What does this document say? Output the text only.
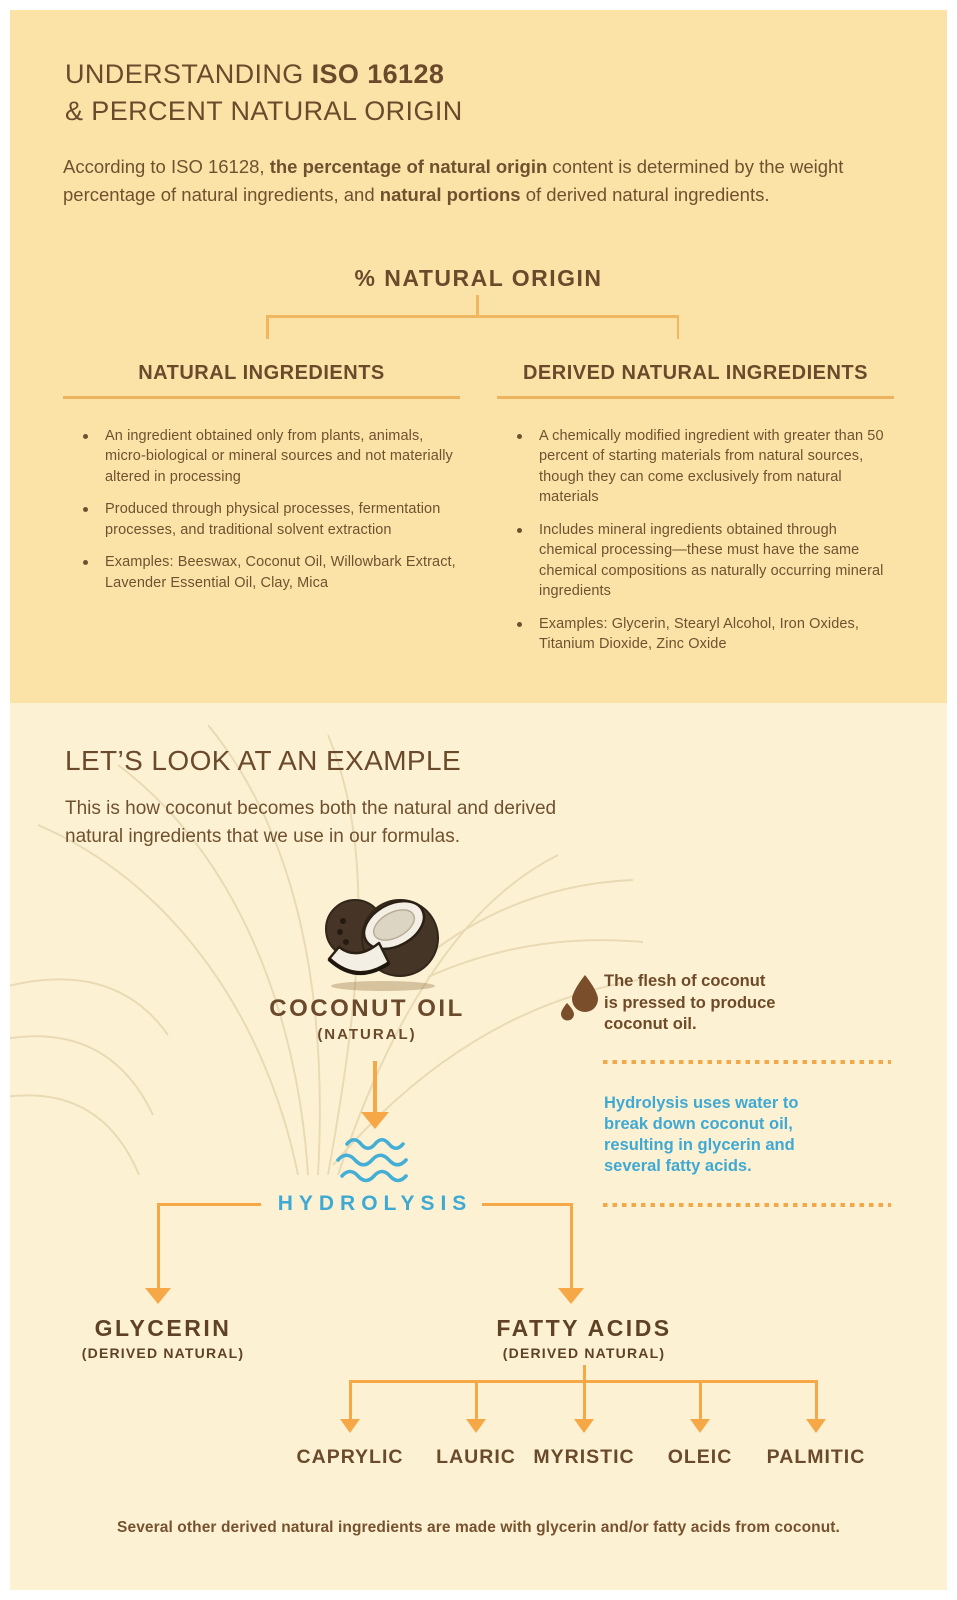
UNDERSTANDING ISO 16128
& PERCENT NATURAL ORIGIN
According to ISO 16128, the percentage of natural origin content is determined by the weight percentage of natural ingredients, and natural portions of derived natural ingredients.
% NATURAL ORIGIN
NATURAL INGREDIENTS
An ingredient obtained only from plants, animals, micro-biological or mineral sources and not materially altered in processing
Produced through physical processes, fermentation processes, and traditional solvent extraction
Examples: Beeswax, Coconut Oil, Willowbark Extract, Lavender Essential Oil, Clay, Mica
DERIVED NATURAL INGREDIENTS
A chemically modified ingredient with greater than 50 percent of starting materials from natural sources, though they can come exclusively from natural materials
Includes mineral ingredients obtained through chemical processing—these must have the same chemical compositions as naturally occurring mineral ingredients
Examples: Glycerin, Stearyl Alcohol, Iron Oxides, Titanium Dioxide, Zinc Oxide
LET’S LOOK AT AN EXAMPLE
This is how coconut becomes both the natural and derived
natural ingredients that we use in our formulas.
COCONUT OIL
(NATURAL)
The flesh of coconut
is pressed to produce
coconut oil.
Hydrolysis uses water to
break down coconut oil,
resulting in glycerin and
several fatty acids.
HYDROLYSIS
GLYCERIN
(DERIVED NATURAL)
FATTY ACIDS
(DERIVED NATURAL)
CAPRYLIC LAURIC MYRISTIC OLEIC PALMITIC
Several other derived natural ingredients are made with glycerin and/or fatty acids from coconut.
